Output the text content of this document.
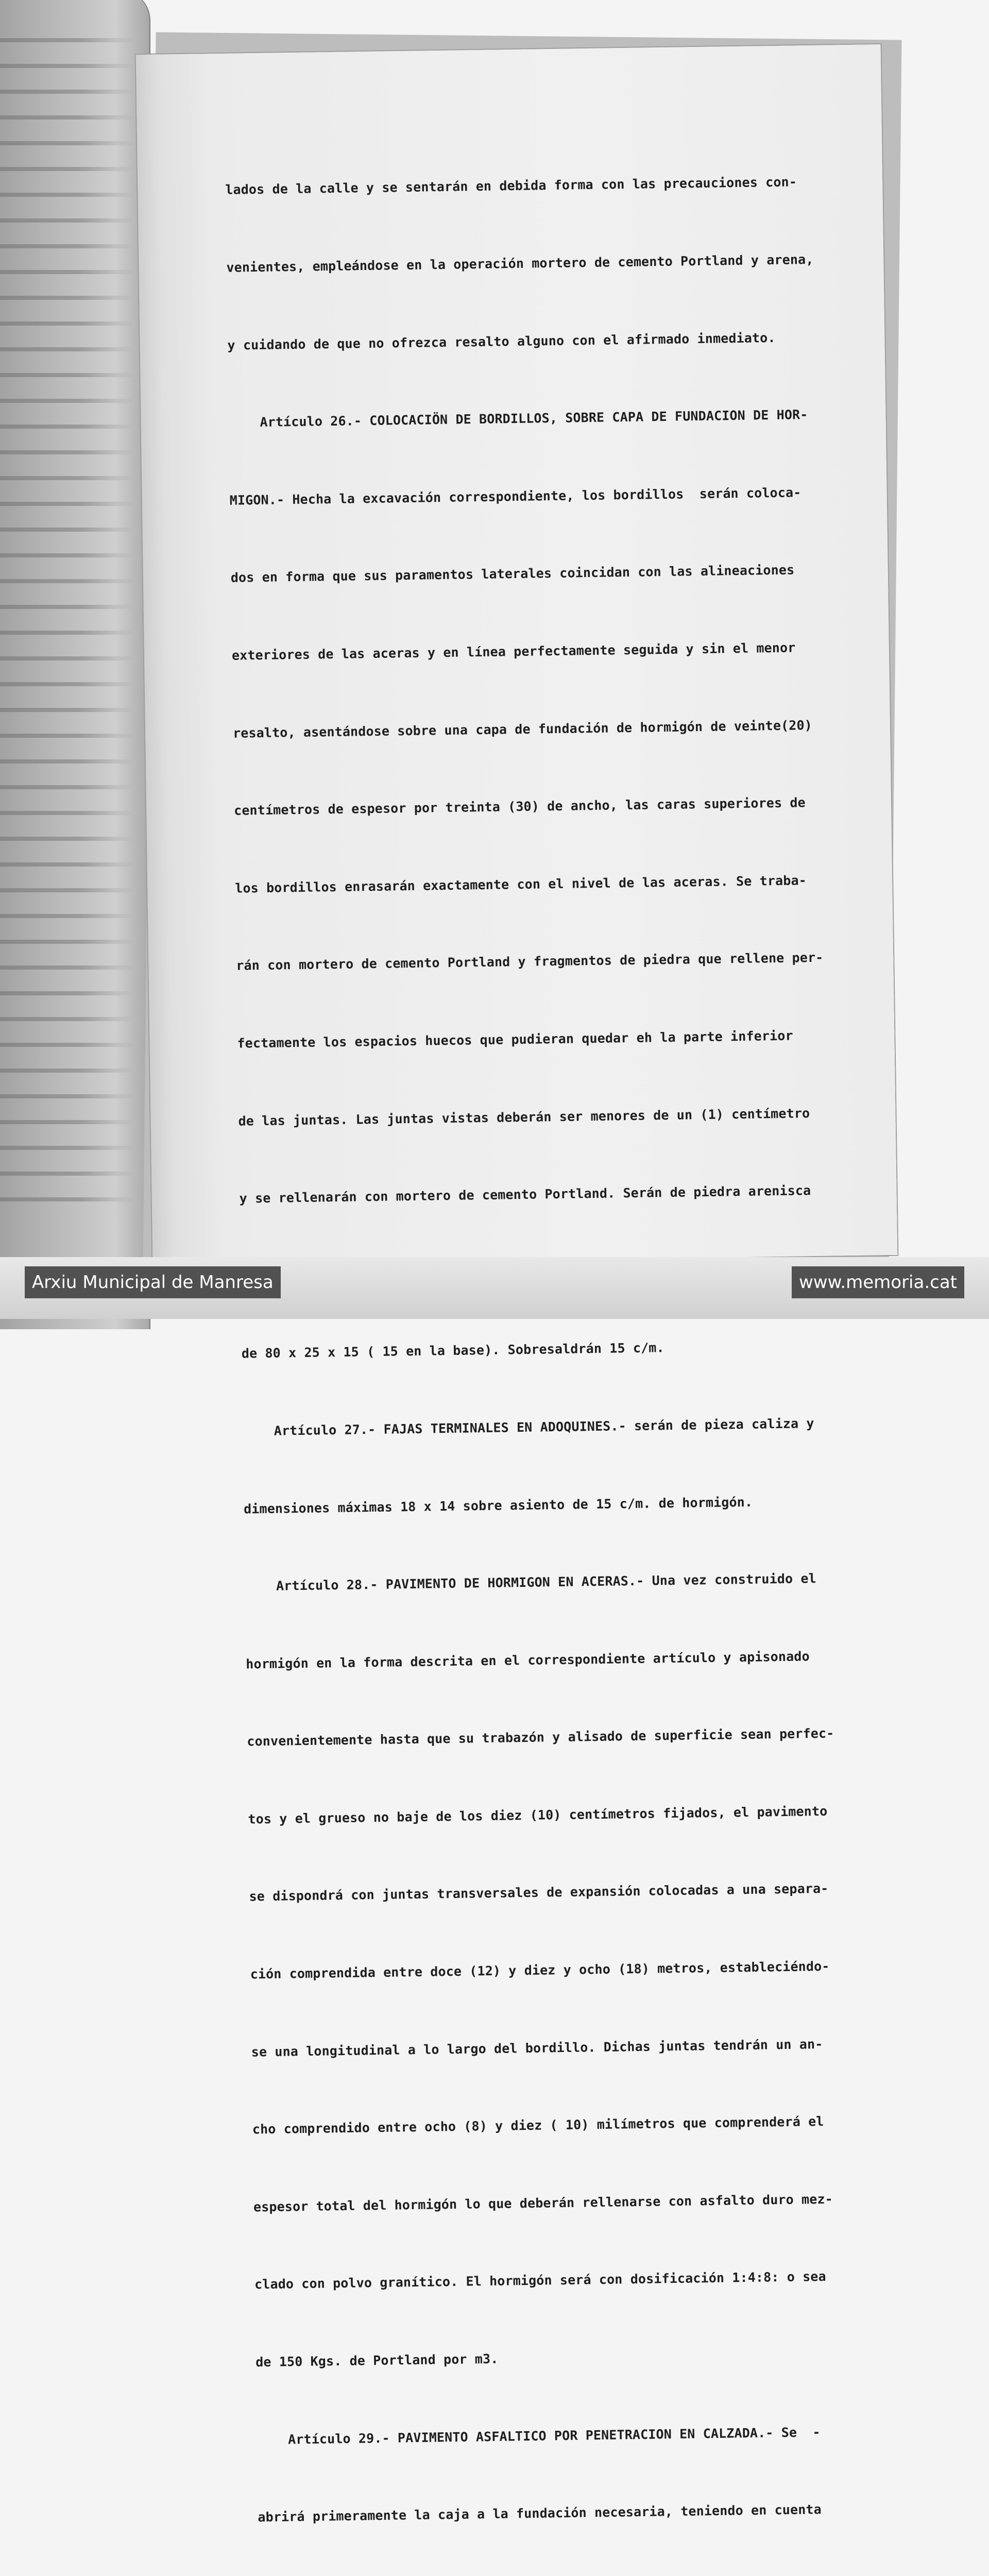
lados de la calle y se sentarán en debida forma con las precauciones con-

venientes, empleándose en la operación mortero de cemento Portland y arena,

y cuidando de que no ofrezca resalto alguno con el afirmado inmediato.

Artículo 26.- COLOCACIÖN DE BORDILLOS, SOBRE CAPA DE FUNDACION DE HOR-

MIGON.- Hecha la excavación correspondiente, los bordillos  serán coloca-

dos en forma que sus paramentos laterales coincidan con las alineaciones

exteriores de las aceras y en línea perfectamente seguida y sin el menor

resalto, asentándose sobre una capa de fundación de hormigón de veinte(20)

centímetros de espesor por treinta (30) de ancho, las caras superiores de

los bordillos enrasarán exactamente con el nivel de las aceras. Se traba-

rán con mortero de cemento Portland y fragmentos de piedra que rellene per-

fectamente los espacios huecos que pudieran quedar eh la parte inferior

de las juntas. Las juntas vistas deberán ser menores de un (1) centímetro

y se rellenarán con mortero de cemento Portland. Serán de piedra arenisca

de 80 x 25 x 15 ( 15 en la base). Sobresaldrán 15 c/m.

Artículo 27.- FAJAS TERMINALES EN ADOQUINES.- serán de pieza caliza y

dimensiones máximas 18 x 14 sobre asiento de 15 c/m. de hormigón.

Artículo 28.- PAVIMENTO DE HORMIGON EN ACERAS.- Una vez construido el

hormigón en la forma descrita en el correspondiente artículo y apisonado

convenientemente hasta que su trabazón y alisado de superficie sean perfec-

tos y el grueso no baje de los diez (10) centímetros fijados, el pavimento

se dispondrá con juntas transversales de expansión colocadas a una separa-

ción comprendida entre doce (12) y diez y ocho (18) metros, estableciéndo-

se una longitudinal a lo largo del bordillo. Dichas juntas tendrán un an-

cho comprendido entre ocho (8) y diez ( 10) milímetros que comprenderá el

espesor total del hormigón lo que deberán rellenarse con asfalto duro mez-

clado con polvo granítico. El hormigón será con dosificación 1:4:8: o sea

de 150 Kgs. de Portland por m3.

Artículo 29.- PAVIMENTO ASFALTICO POR PENETRACION EN CALZADA.- Se  -

abrirá primeramente la caja a la fundación necesaria, teniendo en cuenta

Arxiu Municipal de Manresa	www.memoria.cat
